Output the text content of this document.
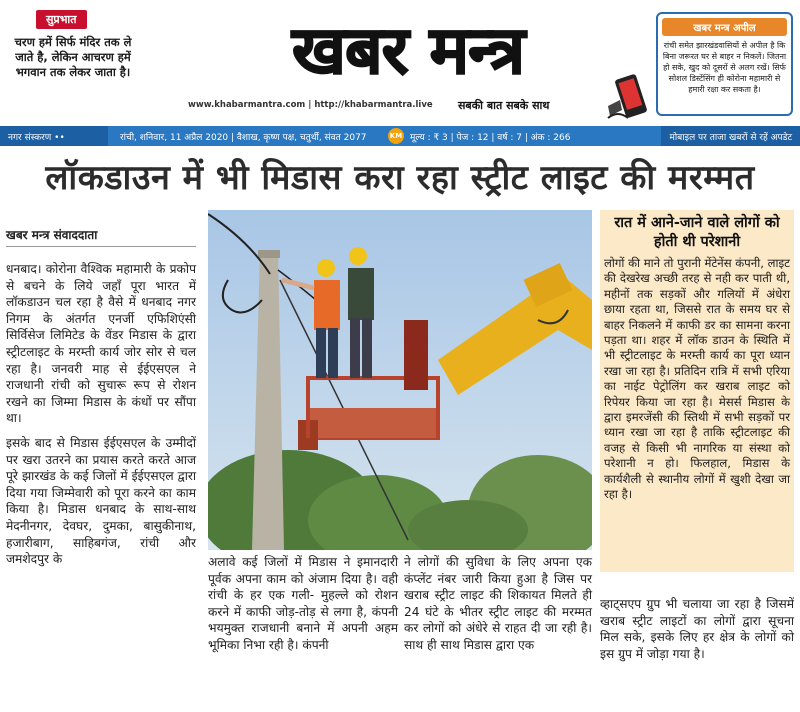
सुप्रभात
चरण हमें सिर्फ मंदिर तक ले जाते है, लेकिन आचरण हमें भगवान तक लेकर जाता है।	खबर मन्त्र
www.khabarmantra.com | http://khabarmantra.live सबकी बात सबके साथ
खबर मन्त्र अपील
रांची समेत झारखंडवासियों से अपील है कि बिना जरूरत घर से बाहर न निकलें। जितना हो सके, खुद को दूसरों से अलग रखें। सिर्फ सोशल डिस्टेंसिंग ही कोरोना महामारी से हमारी रक्षा कर सकता है।
नगर संस्करण ••	रांची, शनिवार, 11 अप्रैल 2020 | वैशाख, कृष्ण पक्ष, चतुर्थी, संवत 2077	KM मूल्य : ₹ 3 | पेज : 12 | वर्ष : 7 | अंक : 266	मोबाइल पर ताजा खबरों से रहें अपडेट
लॉकडाउन में भी मिडास करा रहा स्ट्रीट लाइट की मरम्मत
खबर मन्त्र संवाददाता

धनबाद। कोरोना वैश्विक महामारी के प्रकोप से बचने के लिये जहाँ पूरा भारत में लॉकडाउन चल रहा है वैसे में धनबाद नगर निगम के अंतर्गत एनर्जी एफिशिएंसी सिर्विसेज लिमिटेड के वेंडर मिडास के द्वारा स्ट्रीटलाइट के मरम्ती कार्य जोर सोर से चल रहा है। जनवरी माह से ईईएसएल ने राजधानी रांची को सुचारू रूप से रोशन रखने का जिम्मा मिडास के कंधों पर सौंपा था।

इसके बाद से मिडास ईईएसएल के उम्मीदों पर खरा उतरने का प्रयास करते करते आज पूरे झारखंड के कई जिलों में ईईएसएल द्वारा दिया गया जिम्मेवारी को पूरा करने का काम किया है। मिडास धनबाद के साथ-साथ मेदनीनगर, देवघर, दुमका, बासुकीनाथ, हजारीबाग, साहिबगंज, रांची और जमशेदपुर के	अलावे कई जिलों में मिडास ने इमानदारी पूर्वक अपना काम को अंजाम दिया है। वही रांची के हर एक गली- मुहल्ले को रोशन करने में काफी जोड़-तोड़ से लगा है, कंपनी भयमुक्त राजधानी बनाने में अपनी अहम भूमिका निभा रही है। कंपनी

ने लोगों की सुविधा के लिए अपना एक कंप्लेंट नंबर जारी किया हुआ है जिस पर खराब स्ट्रीट लाइट की शिकायत मिलते ही 24 घंटे के भीतर स्ट्रीट लाइट की मरम्मत कर लोगों को अंधेरे से राहत दी जा रही है। साथ ही साथ मिडास द्वारा एक

रात में आने-जाने वाले लोगों को होती थी परेशानी

लोगों की माने तो पुरानी मेंटेनेंस कंपनी, लाइट की देखरेख अच्छी तरह से नही कर पाती थी, महीनों तक सड़कों और गलियों में अंधेरा छाया रहता था, जिससे रात के समय घर से बाहर निकलने में काफी डर का सामना करना पड़ता था। शहर में लॉक डाउन के स्थिति में भी स्ट्रीटलाइट के मरम्ती कार्य का पूरा ध्यान रखा जा रहा है। प्रतिदिन रात्रि में सभी एरिया का नाईट पेट्रोलिंग कर खराब लाइट को रिपेयर किया जा रहा है। मेसर्स मिडास के द्वारा इमरजेंसी की स्तिथी में सभी सड़कों पर ध्यान रखा जा रहा है ताकि स्ट्रीटलाइट की वजह से किसी भी नागरिक या संस्था को परेशानी न हो। फिलहाल, मिडास के कार्यशैली से स्थानीय लोगों में खुशी देखा जा रहा है।

व्हाट्सएप ग्रुप भी चलाया जा रहा है जिसमें खराब स्ट्रीट लाइटों का लोगों द्वारा सूचना मिल सके, इसके लिए हर क्षेत्र के लोगों को इस ग्रुप में जोड़ा गया है।
